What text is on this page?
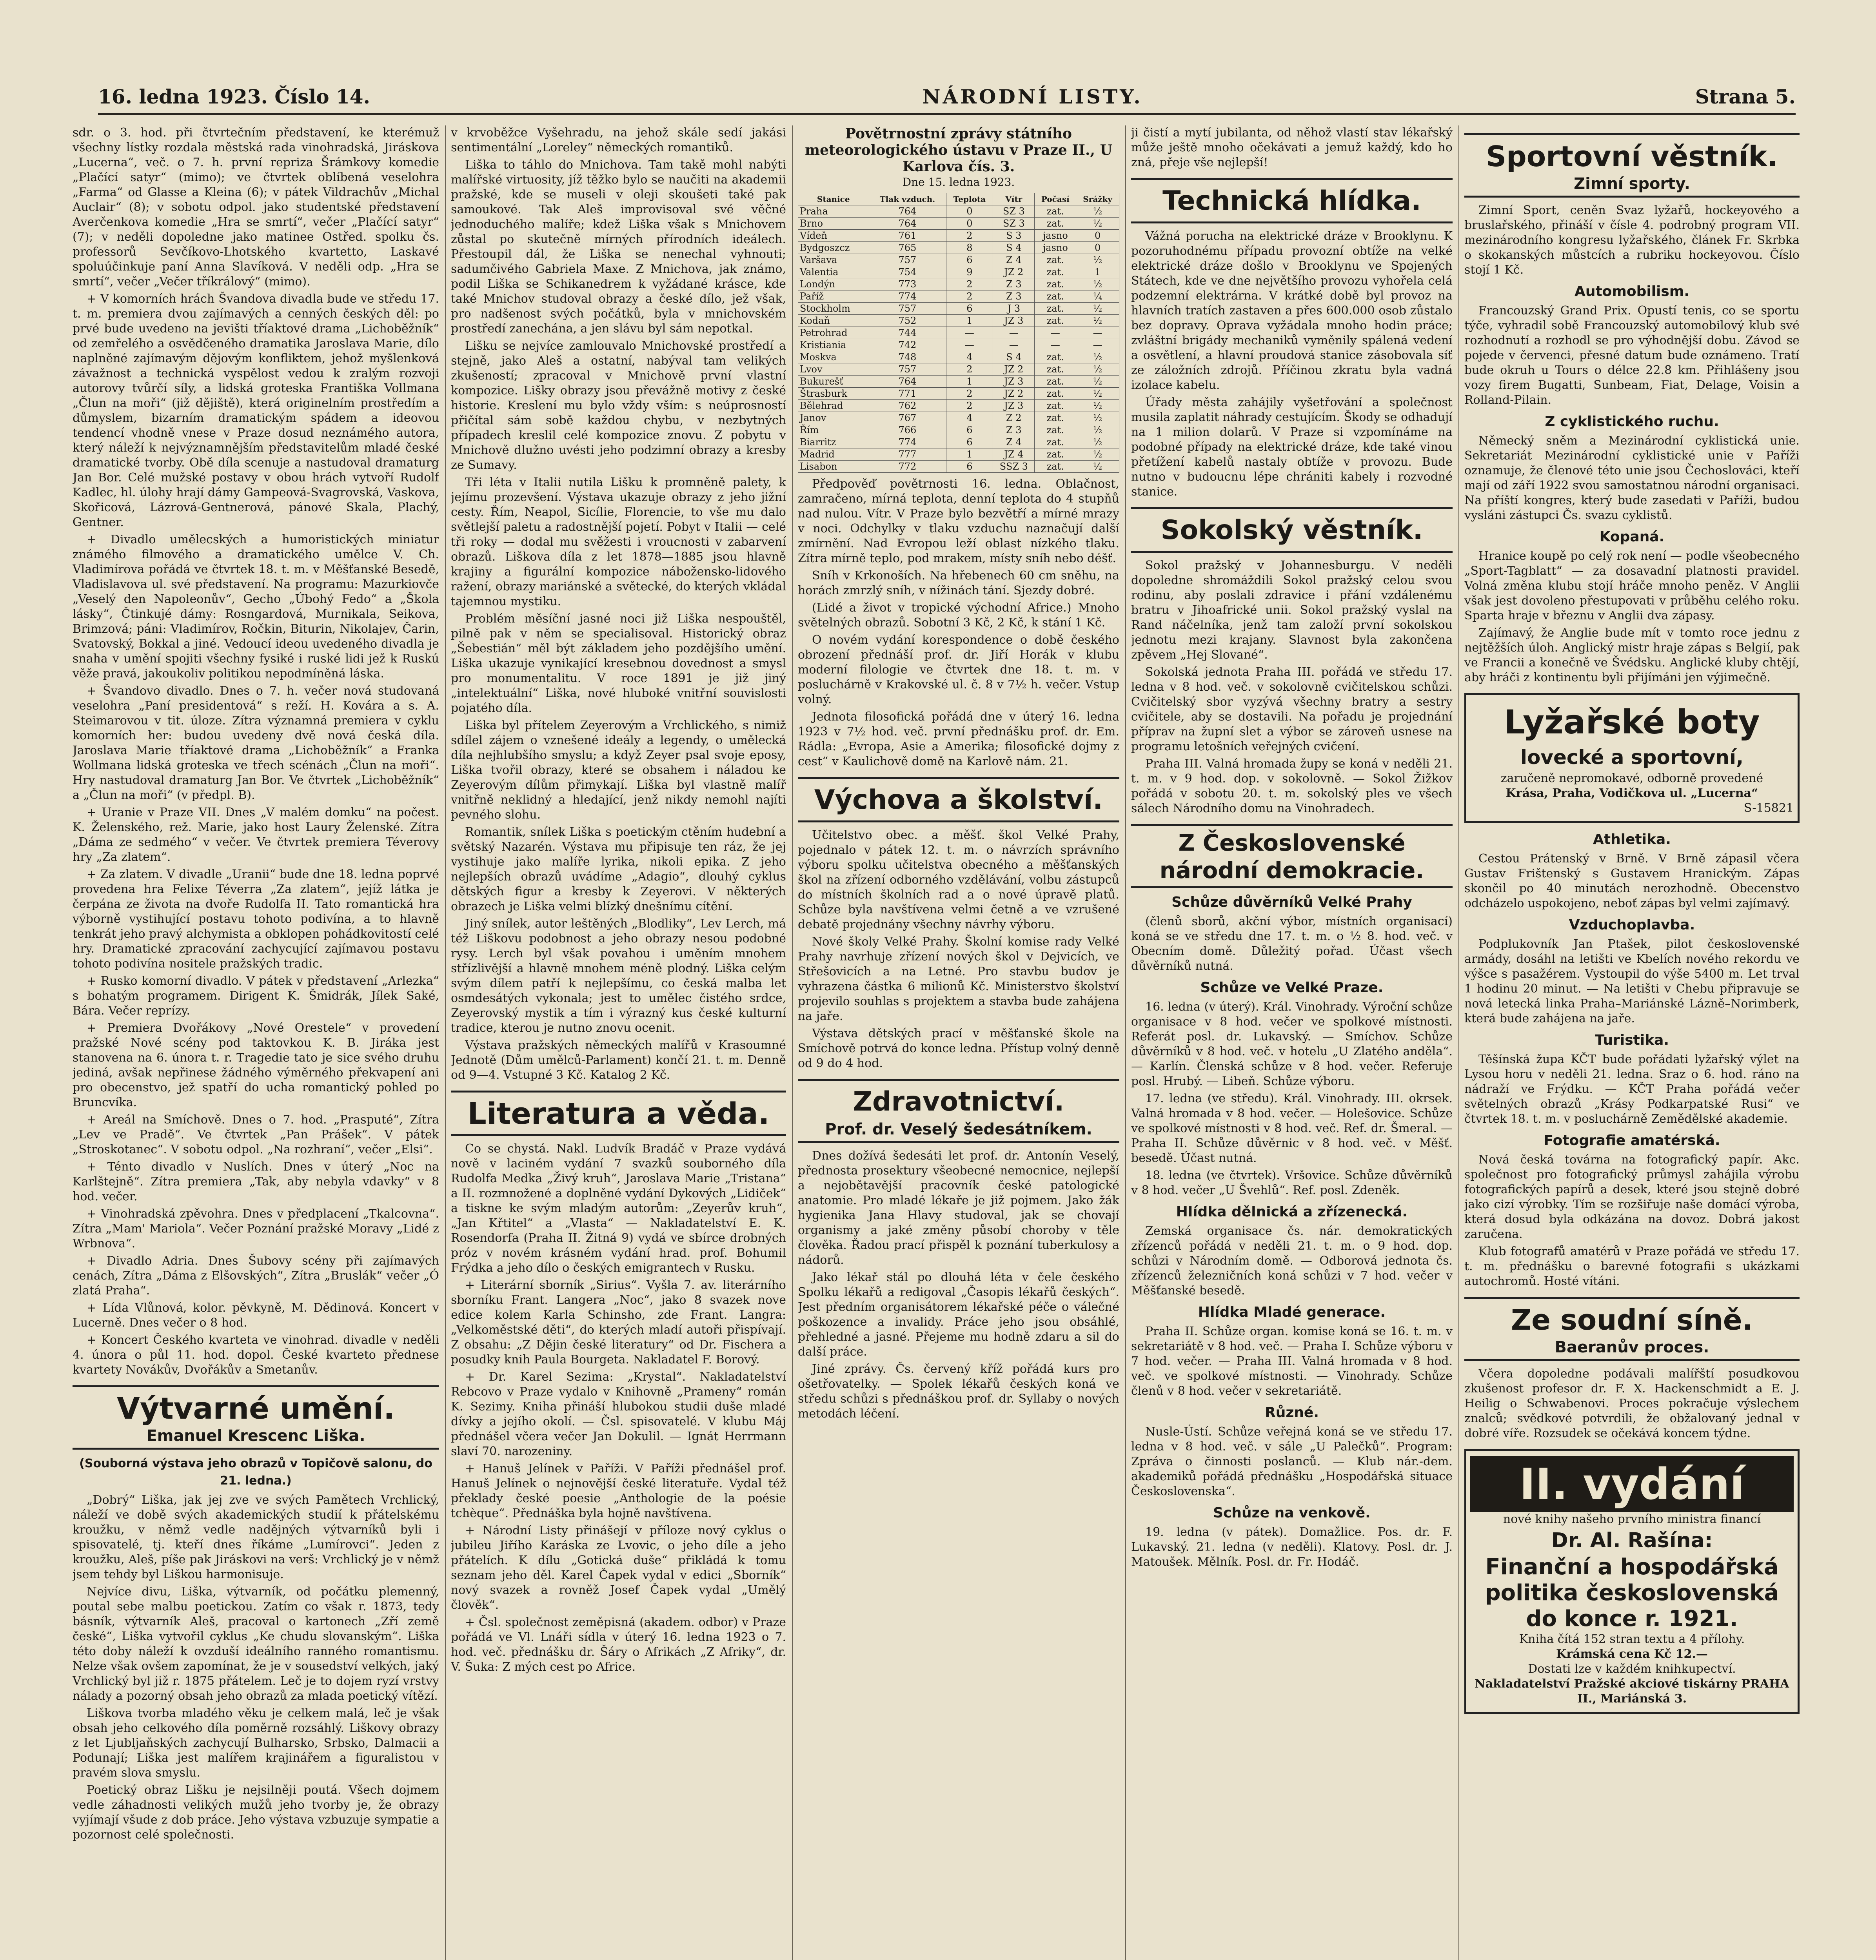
16. ledna 1923. Číslo 14.	NÁRODNÍ LISTY.	Strana 5.

sdr. o 3. hod. při čtvrtečním představení, ke kterémuž všechny lístky rozdala městská rada vinohradská, Jiráskova „Lucerna“, več. o 7. h. první repriza Šrámkovy komedie „Plačící satyr“ (mimo); ve čtvrtek oblíbená veselohra „Farma“ od Glasse a Kleina (6); v pátek Vildrachův „Michal Auclair“ (8); v sobotu odpol. jako studentské představení Averčenkova komedie „Hra se smrtí“, večer „Plačící satyr“ (7); v neděli dopoledne jako matinee Ostřed. spolku čs. professorů Sevčíkovo-Lhotského kvartetto, Laskavé spoluúčinkuje paní Anna Slavíková. V neděli odp. „Hra se smrtí“, večer „Večer tříkrálový“ (mimo).

+ V komorních hrách Švandova divadla bude ve středu 17. t. m. premiera dvou zajímavých a cenných českých děl: po prvé bude uvedeno na jevišti tříaktové drama „Lichoběžník“ od zemřelého a osvědčeného dramatika Jaroslava Marie, dílo naplněné zajímavým dějovým konfliktem, jehož myšlenková závažnost a technická vyspělost vedou k zralým rozvoji autorovy tvůrčí síly, a lidská groteska Františka Vollmana „Člun na moři“ (již dějiště), která originelním prostředím a důmyslem, bizarním dramatickým spádem a ideovou tendencí vhodně vnese v Praze dosud neznámého autora, který náleží k nejvýznamnějším představitelům mladé české dramatické tvorby. Obě díla scenuje a nastudoval dramaturg Jan Bor. Celé mužské postavy v obou hrách vytvoří Rudolf Kadlec, hl. úlohy hrají dámy Gampeová-Svagrovská, Vaskova, Skořicová, Lázrová-Gentnerová, pánové Skala, Plachý, Gentner.

+ Divadlo umělecských a humoristických miniatur známého filmového a dramatického umělce V. Ch. Vladimírova pořádá ve čtvrtek 18. t. m. v Měšťanské Besedě, Vladislavova ul. své představení. Na programu: Mazurkiovče „Veselý den Napoleonův“, Gecho „Úbohý Fedo“ a „Škola lásky“, Čtinkujé dámy: Rosngardová, Murnikala, Seikova, Brimzová; páni: Vladimírov, Ročkin, Biturin, Nikolajev, Čarin, Svatovský, Bokkal a jiné. Vedoucí ideou uvedeného divadla je snaha v umění spojiti všechny fysiké i ruské lidi jež k Ruskú věže pravá, jakoukoliv politikou nepodmíněná láska.

+ Švandovo divadlo. Dnes o 7. h. večer nová studovaná veselohra „Paní presidentová“ s reží. H. Kovára a s. A. Steimarovou v tit. úloze. Zítra významná premiera v cyklu komorních her: budou uvedeny dvě nová česká díla. Jaroslava Marie tříaktové drama „Lichoběžník“ a Franka Wollmana lidská groteska ve třech scénách „Člun na moři“. Hry nastudoval dramaturg Jan Bor. Ve čtvrtek „Lichoběžník“ a „Člun na moři“ (v předpl. B).

+ Uranie v Praze VII. Dnes „V malém domku“ na počest. K. Želenského, rež. Marie, jako host Laury Želenské. Zítra „Dáma ze sedmého“ v večer. Ve čtvrtek premiera Téverovy hry „Za zlatem“.

+ Za zlatem. V divadle „Uranii“ bude dne 18. ledna poprvé provedena hra Felixe Téverra „Za zlatem“, jejíž látka je čerpána ze života na dvoře Rudolfa II. Tato romantická hra výborně vystihující postavu tohoto podivína, a to hlavně tenkrát jeho pravý alchymista a obklopen pohádkovitostí celé hry. Dramatické zpracování zachycující zajímavou postavu tohoto podivína nositele pražských tradic.

+ Rusko komorní divadlo. V pátek v představení „Arlezka“ s bohatým programem. Dirigent K. Šmidrák, Jílek Saké, Bára. Večer reprízy.

+ Premiera Dvořákovy „Nové Orestele“ v provedení pražské Nové scény pod taktovkou K. B. Jiráka jest stanovena na 6. února t. r. Tragedie tato je sice svého druhu jediná, avšak nepřinese žádného výměrného překvapení ani pro obecenstvo, jež spatří do ucha romantický pohled po Bruncvíka.

+ Areál na Smíchově. Dnes o 7. hod. „Prasputé“, Zítra „Lev ve Pradě“. Ve čtvrtek „Pan Prášek“. V pátek „Stroskotanec“. V sobotu odpol. „Na rozhraní“, večer „Elsi“.

+ Ténto divadlo v Nuslích. Dnes v úterý „Noc na Karlštejně“. Zítra premiera „Tak, aby nebyla vdavky“ v 8 hod. večer.

+ Vinohradská zpěvohra. Dnes v předplacení „Tkalcovna“. Zítra „Mam' Mariola“. Večer Poznání pražské Moravy „Lidé z Wrbnova“.

+ Divadlo Adria. Dnes Šubovy scény při zajímavých cenách, Zítra „Dáma z Elšovských“, Zítra „Bruslák“ večer „Ó zlatá Praha“.

+ Lída Vlůnová, kolor. pěvkyně, M. Dědinová. Koncert v Lucerně. Dnes večer o 8 hod.

+ Koncert Českého kvarteta ve vinohrad. divadle v neděli 4. února o půl 11. hod. dopol. České kvarteto přednese kvartety Novákův, Dvořákův a Smetanův.

Výtvarné umění.
Emanuel Krescenc Liška.
(Souborná výstava jeho obrazů v Topičově salonu, do 21. ledna.)

„Dobrý“ Liška, jak jej zve ve svých Pamětech Vrchlický, náleží ve době svých akademických studií k přátelskému kroužku, v němž vedle nadějných výtvarníků byli i spisovatelé, tj. kteří dnes říkáme „Lumírovci“. Jeden z kroužku, Aleš, píše pak Jiráskovi na verš: Vrchlický je v němž jsem tehdy byl Liškou harmonisuje.

Nejvíce divu, Liška, výtvarník, od počátku plemenný, poutal sebe malbu poetickou. Zatím co však r. 1873, tedy básník, výtvarník Aleš, pracoval o kartonech „Zří země české“, Liška vytvořil cyklus „Ke chudu slovanským“. Liška této doby náleží k ovzduší ideálního ranného romantismu. Nelze však ovšem zapomínat, že je v sousedství velkých, jaký Vrchlický byl již r. 1875 přátelem. Leč je to dojem ryzí vrstvy nálady a pozorný obsah jeho obrazů za mlada poetický vítězí.

Liškova tvorba mladého věku je celkem malá, leč je však obsah jeho celkového díla poměrně rozsáhlý. Liškovy obrazy z let Ljubljaňských zachycují Bulharsko, Srbsko, Dalmacii a Podunají; Liška jest malířem krajinářem a figuralistou v pravém slova smyslu.

Poetický obraz Lišku je nejsilněji poutá. Všech dojmem vedle záhadnosti velikých mužů jeho tvorby je, že obrazy vyjímají všude z dob práce. Jeho výstava vzbuzuje sympatie a pozornost celé společnosti.

v krvoběžce Vyšehradu, na jehož skále sedí jakási sentimentální „Loreley“ německých romantiků.

Liška to táhlo do Mnichova. Tam takě mohl nabýti malířské virtuosity, jíž těžko bylo se naučiti na akademii pražské, kde se museli v oleji skoušeti také pak samoukové. Tak Aleš improvisoval své věčné jednoduchého malíře; kdež Liška však s Mnichovem zůstal po skutečně mírných přírodních ideálech. Přestoupil dál, že Liška se nenechal vyhnouti; sadumčivého Gabriela Maxe. Z Mnichova, jak známo, podil Liška se Schikanedrem k vyžádané krásce, kde také Mnichov studoval obrazy a české dílo, jež však, pro nadšenost svých počátků, byla v mnichovském prostředí zanechána, a jen slávu byl sám nepotkal.

Lišku se nejvíce zamlouvalo Mnichovské prostředí a stejně, jako Aleš a ostatní, nabýval tam velikých zkušeností; zpracoval v Mnichově první vlastní kompozice. Lišky obrazy jsou převážně motivy z české historie. Kreslení mu bylo vždy vším: s neúprosností přičítal sám sobě každou chybu, v nezbytných případech kreslil celé kompozice znovu. Z pobytu v Mnichově dlužno uvésti jeho podzimní obrazy a kresby ze Sumavy.

Tři léta v Italii nutila Lišku k promněně palety, k jejímu prozevšení. Výstava ukazuje obrazy z jeho jižní cesty. Řím, Neapol, Sicílie, Florencie, to vše mu dalo světlejší paletu a radostnější pojetí. Pobyt v Italii — celé tři roky — dodal mu svěžesti i vroucnosti v zabarvení obrazů. Liškova díla z let 1878—1885 jsou hlavně krajiny a figurální kompozice nábožensko-lidového ražení, obrazy mariánské a světecké, do kterých vkládal tajemnou mystiku.

Problém měsíční jasné noci již Liška nespouštěl, pilně pak v něm se specialisoval. Historický obraz „Šebestián“ měl být základem jeho pozdějšího umění. Liška ukazuje vynikající kresebnou dovednost a smysl pro monumentalitu. V roce 1891 je již jiný „intelektuální“ Liška, nové hluboké vnitřní souvislosti pojatého díla.

Liška byl přítelem Zeyerovým a Vrchlického, s nimiž sdílel zájem o vznešené ideály a legendy, o umělecká díla nejhlubšího smyslu; a když Zeyer psal svoje eposy, Liška tvořil obrazy, které se obsahem i náladou ke Zeyerovým dílům přimykají. Liška byl vlastně malíř vnitřně neklidný a hledající, jenž nikdy nemohl najíti pevného slohu.

Romantik, snílek Liška s poetickým ctěním hudební a světský Nazarén. Výstava mu připisuje ten ráz, že jej vystihuje jako malíře lyrika, nikoli epika. Z jeho nejlepších obrazů uvádíme „Adagio“, dlouhý cyklus dětských figur a kresby k Zeyerovi. V některých obrazech je Liška velmi blízký dnešnímu cítění.

Jiný snílek, autor leštěných „Blodliky“, Lev Lerch, má též Liškovu podobnost a jeho obrazy nesou podobné rysy. Lerch byl však povahou i uměním mnohem střízlivější a hlavně mnohem méně plodný. Liška celým svým dílem patří k nejlepšímu, co česká malba let osmdesátých vykonala; jest to umělec čistého srdce, Zeyerovský mystik a tím i výrazný kus české kulturní tradice, kterou je nutno znovu ocenit.

Výstava pražských německých malířů v Krasoumné Jednotě (Dům umělců-Parlament) končí 21. t. m. Denně od 9—4. Vstupné 3 Kč. Katalog 2 Kč.

Literatura a věda.

Co se chystá. Nakl. Ludvík Bradáč v Praze vydává nově v laciném vydání 7 svazků souborného díla Rudolfa Medka „Živý kruh“, Jaroslava Marie „Tristana“ a II. rozmnožené a doplněné vydání Dykových „Lidiček“ a tiskne ke svým mladým autorům: „Zeyerův kruh“, „Jan Křtitel“ a „Vlasta“ — Nakladatelství E. K. Rosendorfa (Praha II. Žitná 9) vydá ve sbírce drobných próz v novém krásném vydání hrad. prof. Bohumil Frýdka a jeho dílo o českých emigrantech v Rusku.

+ Literární sborník „Sirius“. Vyšla 7. av. literárního sborníku Frant. Langera „Noc“, jako 8 svazek nove edice kolem Karla Schinsho, zde Frant. Langra: „Velkoměstské děti“, do kterých mladí autoři přispívají. Z obsahu: „Z Dějin české literatury“ od Dr. Fischera a posudky knih Paula Bourgeta. Nakladatel F. Borový.

+ Dr. Karel Sezima: „Krystal“. Nakladatelství Rebcovo v Praze vydalo v Knihovně „Prameny“ román K. Sezimy. Kniha přináší hlubokou studii duše mladé dívky a jejího okolí. — Čsl. spisovatelé. V klubu Máj přednášel včera večer Jan Dokulil. — Ignát Herrmann slaví 70. narozeniny.

+ Hanuš Jelínek v Paříži. V Paříži přednášel prof. Hanuš Jelínek o nejnovější české literatuře. Vydal též překlady české poesie „Anthologie de la poésie tchèque“. Přednáška byla hojně navštívena.

+ Národní Listy přinášejí v příloze nový cyklus o jubileu Jiřího Karáska ze Lvovic, o jeho díle a jeho přátelích. K dílu „Gotická duše“ přikládá k tomu seznam jeho děl. Karel Čapek vydal v edici „Sborník“ nový svazek a rovněž Josef Čapek vydal „Umělý člověk“.

+ Čsl. společnost zeměpisná (akadem. odbor) v Praze pořádá ve Vl. Lnáři sídla v úterý 16. ledna 1923 o 7. hod. več. přednášku dr. Šáry o Afrikách „Z Afriky“, dr. V. Šuka: Z mých cest po Africe.

Povětrnostní zprávy státního meteorologického ústavu v Praze II., U Karlova čís. 3.
Dne 15. ledna 1923.
Stanice	Tlak vzduch.	Teplota	Vítr	Počasí	Srážky
Praha	764	0	SZ 3	zat.	½
Brno	764	0	SZ 3	zat.	½
Vídeň	761	2	S 3	jasno	0
Bydgoszcz	765	8	S 4	jasno	0
Varšava	757	6	Z 4	zat.	½
Valentia	754	9	JZ 2	zat.	1
Londýn	773	2	Z 3	zat.	½
Paříž	774	2	Z 3	zat.	¼
Stockholm	757	6	J 3	zat.	½
Kodaň	752	1	JZ 3	zat.	½
Petrohrad	744	—	—	—	—
Kristiania	742	—	—	—	—
Moskva	748	4	S 4	zat.	½
Lvov	757	2	JZ 2	zat.	½
Bukurešť	764	1	JZ 3	zat.	½
Štrasburk	771	2	JZ 2	zat.	½
Bělehrad	762	2	JZ 3	zat.	½
Janov	767	4	Z 2	zat.	½
Řím	766	6	Z 3	zat.	½
Biarritz	774	6	Z 4	zat.	½
Madrid	777	1	JZ 4	zat.	½
Lisabon	772	6	SSZ 3	zat.	½

Předpověď povětrnosti 16. ledna. Oblačnost, zamračeno, mírná teplota, denní teplota do 4 stupňů nad nulou. Vítr. V Praze bylo bezvětří a mírné mrazy v noci. Odchylky v tlaku vzduchu naznačují další zmírnění. Nad Evropou leží oblast nízkého tlaku. Zítra mírně teplo, pod mrakem, místy sníh nebo déšť.

Sníh v Krkonoších. Na hřebenech 60 cm sněhu, na horách zmrzlý sníh, v nížinách tání. Sjezdy dobré.

(Lidé a život v tropické východní Africe.) Mnoho světelných obrazů. Sobotní 3 Kč, 2 Kč, k stání 1 Kč.

O novém vydání korespondence o době českého obrození přednáší prof. dr. Jiří Horák v klubu moderní filologie ve čtvrtek dne 18. t. m. v posluchárně v Krakovské ul. č. 8 v 7½ h. večer. Vstup volný.

Jednota filosofická pořádá dne v úterý 16. ledna 1923 v 7½ hod. več. první přednášku prof. dr. Em. Rádla: „Evropa, Asie a Amerika; filosofické dojmy z cest“ v Kaulichově domě na Karlově nám. 21.

Výchova a školství.

Učitelstvo obec. a měšť. škol Velké Prahy, pojednalo v pátek 12. t. m. o návrzích správního výboru spolku učitelstva obecného a měšťanských škol na zřízení odborného vzdělávání, volbu zástupců do místních školních rad a o nové úpravě platů. Schůze byla navštívena velmi četně a ve vzrušené debatě projednány všechny návrhy výboru.

Nové školy Velké Prahy. Školní komise rady Velké Prahy navrhuje zřízení nových škol v Dejvicích, ve Střešovicích a na Letné. Pro stavbu budov je vyhrazena částka 6 milionů Kč. Ministerstvo školství projevilo souhlas s projektem a stavba bude zahájena na jaře.

Výstava dětských prací v měšťanské škole na Smíchově potrvá do konce ledna. Přístup volný denně od 9 do 4 hod.

Zdravotnictví.
Prof. dr. Veselý šedesátníkem.

Dnes dožívá šedesáti let prof. dr. Antonín Veselý, přednosta prosektury všeobecné nemocnice, nejlepší a nejobětavější pracovník české patologické anatomie. Pro mladé lékaře je již pojmem. Jako žák hygienika Jana Hlavy studoval, jak se chovají organismy a jaké změny působí choroby v těle člověka. Řadou prací přispěl k poznání tuberkulosy a nádorů.

Jako lékař stál po dlouhá léta v čele českého Spolku lékařů a redigoval „Časopis lékařů českých“. Jest předním organisátorem lékařské péče o válečné poškozence a invalidy. Práce jeho jsou obsáhlé, přehledné a jasné. Přejeme mu hodně zdaru a sil do další práce.

Jiné zprávy. Čs. červený kříž pořádá kurs pro ošetřovatelky. — Spolek lékařů českých koná ve středu schůzi s přednáškou prof. dr. Syllaby o nových metodách léčení.

ji čistí a mytí jubilanta, od něhož vlastí stav lékařský může ještě mnoho očekávati a jemuž každý, kdo ho zná, přeje vše nejlepší!

Technická hlídka.

Vážná porucha na elektrické dráze v Brooklynu. K pozoruhodnému případu provozní obtíže na velké elektrické dráze došlo v Brooklynu ve Spojených Státech, kde ve dne největšího provozu vyhořela celá podzemní elektrárna. V krátké době byl provoz na hlavních tratích zastaven a přes 600.000 osob zůstalo bez dopravy. Oprava vyžádala mnoho hodin práce; zvláštní brigády mechaniků vyměnily spálená vedení a osvětlení, a hlavní proudová stanice zásobovala síť ze záložních zdrojů. Příčinou zkratu byla vadná izolace kabelu.

Úřady města zahájily vyšetřování a společnost musila zaplatit náhrady cestujícím. Škody se odhadují na 1 milion dolarů. V Praze si vzpomínáme na podobné případy na elektrické dráze, kde také vinou přetížení kabelů nastaly obtíže v provozu. Bude nutno v budoucnu lépe chrániti kabely i rozvodné stanice.

Sokolský věstník.

Sokol pražský v Johannesburgu. V neděli dopoledne shromáždili Sokol pražský celou svou rodinu, aby poslali zdravice i přání vzdálenému bratru v Jihoafrické unii. Sokol pražský vyslal na Rand náčelníka, jenž tam založí první sokolskou jednotu mezi krajany. Slavnost byla zakončena zpěvem „Hej Slované“.

Sokolská jednota Praha III. pořádá ve středu 17. ledna v 8 hod. več. v sokolovně cvičitelskou schůzi. Cvičitelský sbor vyzývá všechny bratry a sestry cvičitele, aby se dostavili. Na pořadu je projednání příprav na župní slet a výbor se zároveň usnese na programu letošních veřejných cvičení.

Praha III. Valná hromada župy se koná v neděli 21. t. m. v 9 hod. dop. v sokolovně. — Sokol Žižkov pořádá v sobotu 20. t. m. sokolský ples ve všech sálech Národního domu na Vinohradech.

Z Československé národní demokracie.
Schůze důvěrníků Velké Prahy

(členů sborů, akční výbor, místních organisací) koná se ve středu dne 17. t. m. o ½ 8. hod. več. v Obecním domě. Důležitý pořad. Účast všech důvěrníků nutná.

Schůze ve Velké Praze.

16. ledna (v úterý). Král. Vinohrady. Výroční schůze organisace v 8 hod. večer ve spolkové místnosti. Referát posl. dr. Lukavský. — Smíchov. Schůze důvěrníků v 8 hod. več. v hotelu „U Zlatého anděla“. — Karlín. Členská schůze v 8 hod. večer. Referuje posl. Hrubý. — Libeň. Schůze výboru.

17. ledna (ve středu). Král. Vinohrady. III. okrsek. Valná hromada v 8 hod. večer. — Holešovice. Schůze ve spolkové místnosti v 8 hod. več. Ref. dr. Šmeral. — Praha II. Schůze důvěrnic v 8 hod. več. v Měšť. besedě. Účast nutná.

18. ledna (ve čtvrtek). Vršovice. Schůze důvěrníků v 8 hod. večer „U Švehlů“. Ref. posl. Zdeněk.

Hlídka dělnická a zřízenecká.

Zemská organisace čs. nár. demokratických zřízenců pořádá v neděli 21. t. m. o 9 hod. dop. schůzi v Národním domě. — Odborová jednota čs. zřízenců železničních koná schůzi v 7 hod. večer v Měšťanské besedě.

Hlídka Mladé generace.

Praha II. Schůze organ. komise koná se 16. t. m. v sekretariátě v 8 hod. več. — Praha I. Schůze výboru v 7 hod. večer. — Praha III. Valná hromada v 8 hod. več. ve spolkové místnosti. — Vinohrady. Schůze členů v 8 hod. večer v sekretariátě.

Různé.

Nusle-Ústí. Schůze veřejná koná se ve středu 17. ledna v 8 hod. več. v sále „U Palečků“. Program: Zpráva o činnosti poslanců. — Klub nár.-dem. akademiků pořádá přednášku „Hospodářská situace Československa“.

Schůze na venkově.

19. ledna (v pátek). Domažlice. Pos. dr. F. Lukavský. 21. ledna (v neděli). Klatovy. Posl. dr. J. Matoušek. Mělník. Posl. dr. Fr. Hodáč.

Sportovní věstník.
Zimní sporty.

Zimní Sport, ceněn Svaz lyžařů, hockeyového a bruslařského, přináší v čísle 4. podrobný program VII. mezinárodního kongresu lyžařského, článek Fr. Skrbka o skokanských můstcích a rubriku hockeyovou. Číslo stojí 1 Kč.

Automobilism.

Francouzský Grand Prix. Opustí tenis, co se sportu týče, vyhradil sobě Francouzský automobilový klub své rozhodnutí a rozhodl se pro výhodnější dobu. Závod se pojede v červenci, přesné datum bude oznámeno. Tratí bude okruh u Tours o délce 22.8 km. Přihlášeny jsou vozy firem Bugatti, Sunbeam, Fiat, Delage, Voisin a Rolland-Pilain.

Z cyklistického ruchu.

Německý sněm a Mezinárodní cyklistická unie. Sekretariát Mezinárodní cyklistické unie v Paříži oznamuje, že členové této unie jsou Čechoslováci, kteří mají od září 1922 svou samostatnou národní organisaci. Na příští kongres, který bude zasedati v Paříži, budou vysláni zástupci Čs. svazu cyklistů.

Kopaná.

Hranice koupě po celý rok není — podle všeobecného „Sport-Tagblatt“ — za dosavadní platnosti pravidel. Volná změna klubu stojí hráče mnoho peněz. V Anglii však jest dovoleno přestupovati v průběhu celého roku. Sparta hraje v březnu v Anglii dva zápasy.

Zajímavý, že Anglie bude mít v tomto roce jednu z nejtěžších úloh. Anglický mistr hraje zápas s Belgií, pak ve Francii a konečně ve Švédsku. Anglické kluby chtějí, aby hráči z kontinentu byli přijímáni jen výjimečně.

Lyžařské boty
lovecké a sportovní,
zaručeně nepromokavé, odborně provedené
Krása, Praha, Vodičkova ul. „Lucerna“
S-15821
Athletika.

Cestou Prátenský v Brně. V Brně zápasil včera Gustav Frištenský s Gustavem Hranickým. Zápas skončil po 40 minutách nerozhodně. Obecenstvo odcházelo uspokojeno, neboť zápas byl velmi zajímavý.

Vzduchoplavba.

Podplukovník Jan Ptašek, pilot československé armády, dosáhl na letišti ve Kbelích nového rekordu ve výšce s pasažérem. Vystoupil do výše 5400 m. Let trval 1 hodinu 20 minut. — Na letišti v Chebu připravuje se nová letecká linka Praha–Mariánské Lázně–Norimberk, která bude zahájena na jaře.

Turistika.

Těšínská župa KČT bude pořádati lyžařský výlet na Lysou horu v neděli 21. ledna. Sraz o 6. hod. ráno na nádraží ve Frýdku. — KČT Praha pořádá večer světelných obrazů „Krásy Podkarpatské Rusi“ ve čtvrtek 18. t. m. v posluchárně Zemědělské akademie.

Fotografie amatérská.

Nová česká továrna na fotografický papír. Akc. společnost pro fotografický průmysl zahájila výrobu fotografických papírů a desek, které jsou stejně dobré jako cizí výrobky. Tím se rozšiřuje naše domácí výroba, která dosud byla odkázána na dovoz. Dobrá jakost zaručena.

Klub fotografů amatérů v Praze pořádá ve středu 17. t. m. přednášku o barevné fotografii s ukázkami autochromů. Hosté vítáni.

Ze soudní síně.
Baeranův proces.

Včera dopoledne podávali malířští posudkovou zkušenost profesor dr. F. X. Hackenschmidt a E. J. Heilig o Schwabenovi. Proces pokračuje výslechem znalců; svědkové potvrdili, že obžalovaný jednal v dobré víře. Rozsudek se očekává koncem týdne.

II. vydání
nové knihy našeho prvního ministra financí
Dr. Al. Rašína:
Finanční a hospodářská politika československá do konce r. 1921.
Kniha čítá 152 stran textu a 4 přílohy.
Krámská cena Kč 12.—
Dostati lze v každém knihkupectví.
Nakladatelství Pražské akciové tiskárny PRAHA II., Mariánská 3.
